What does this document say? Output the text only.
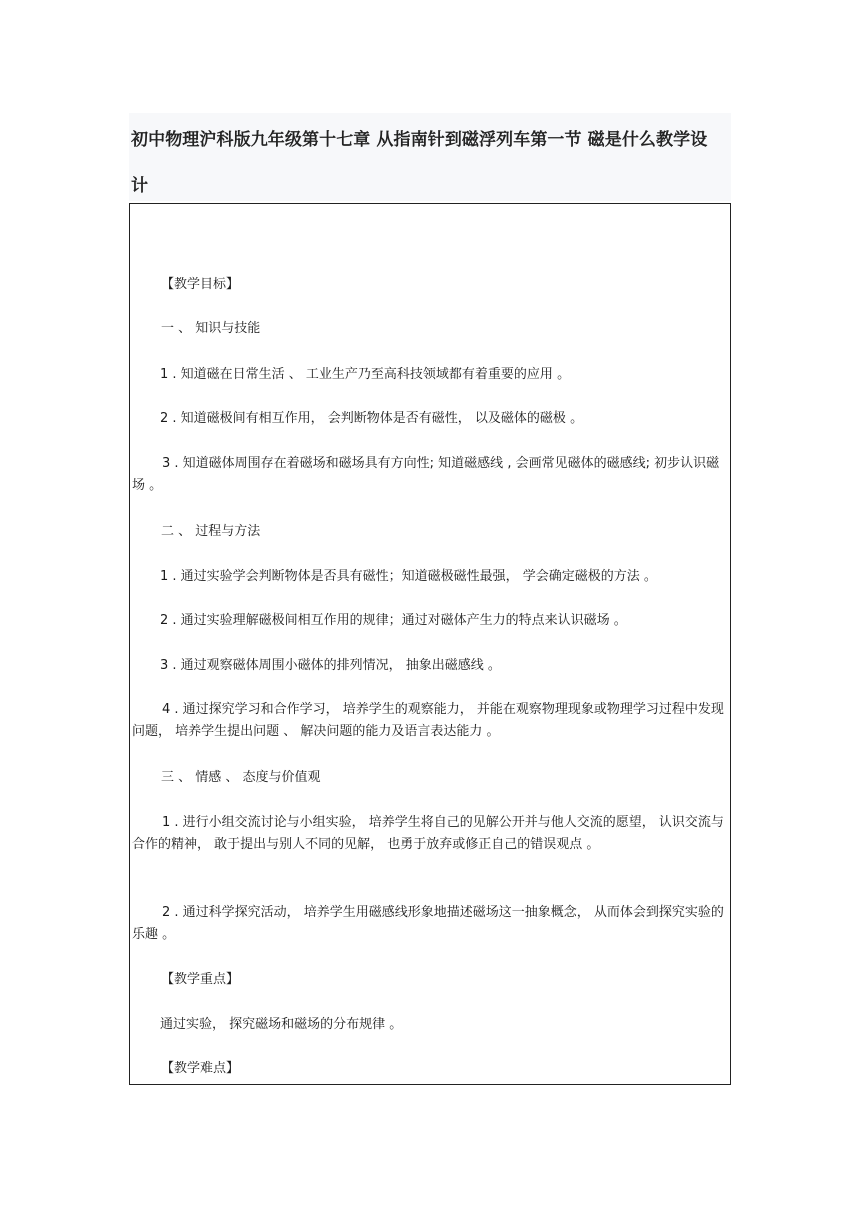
初中物理沪科版九年级第十七章 从指南针到磁浮列车第一节 磁是什么教学设
计
【教学目标】
一 、 知识与技能
1 . 知道磁在日常生活 、 工业生产乃至高科技领域都有着重要的应用 。
2 . 知道磁极间有相互作用， 会判断物体是否有磁性， 以及磁体的磁极 。
3 . 知道磁体周围存在着磁场和磁场具有方向性; 知道磁感线 , 会画常见磁体的磁感线; 初步认识磁场 。
二 、 过程与方法
1 . 通过实验学会判断物体是否具有磁性；知道磁极磁性最强， 学会确定磁极的方法 。
2 . 通过实验理解磁极间相互作用的规律；通过对磁体产生力的特点来认识磁场 。
3 . 通过观察磁体周围小磁体的排列情况， 抽象出磁感线 。
4 . 通过探究学习和合作学习， 培养学生的观察能力， 并能在观察物理现象或物理学习过程中发现问题， 培养学生提出问题 、 解决问题的能力及语言表达能力 。
三 、 情感 、 态度与价值观
1 . 进行小组交流讨论与小组实验， 培养学生将自己的见解公开并与他人交流的愿望， 认识交流与合作的精神， 敢于提出与别人不同的见解， 也勇于放弃或修正自己的错误观点 。
2 . 通过科学探究活动， 培养学生用磁感线形象地描述磁场这一抽象概念， 从而体会到探究实验的乐趣 。
【教学重点】
通过实验， 探究磁场和磁场的分布规律 。
【教学难点】
